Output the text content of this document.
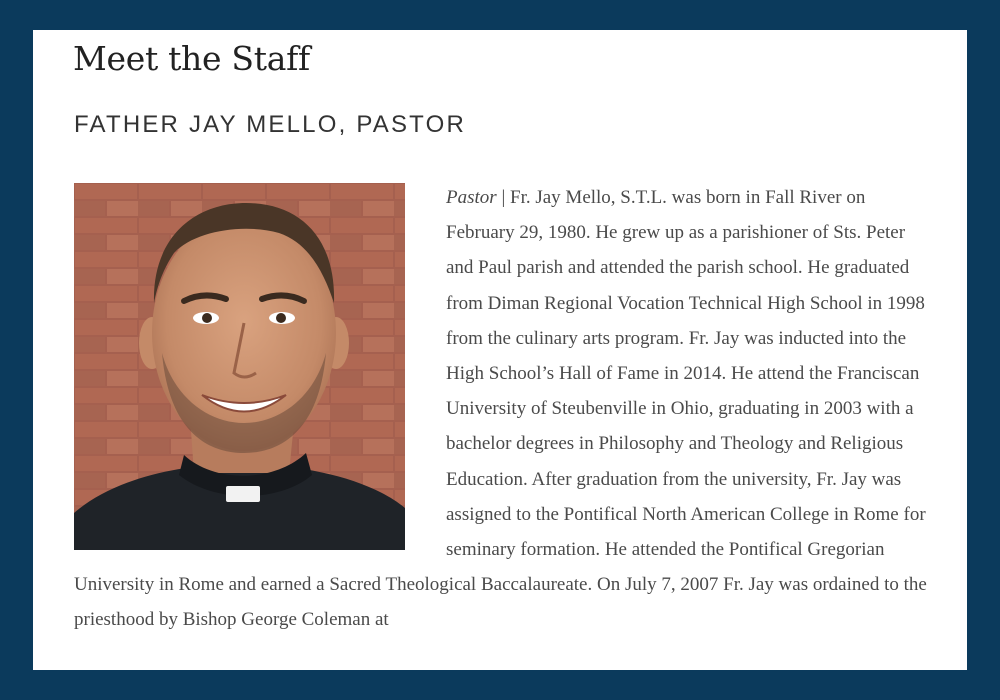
Meet the Staff
FATHER JAY MELLO, PASTOR
Pastor | Fr. Jay Mello, S.T.L. was born in Fall River on February 29, 1980. He grew up as a parishioner of Sts. Peter and Paul parish and attended the parish school. He graduated from Diman Regional Vocation Technical High School in 1998 from the culinary arts program. Fr. Jay was inducted into the High School’s Hall of Fame in 2014. He attend the Franciscan University of Steubenville in Ohio, graduating in 2003 with a bachelor degrees in Philosophy and Theology and Religious Education. After graduation from the university, Fr. Jay was assigned to the Pontifical North American College in Rome for seminary formation. He attended the Pontifical Gregorian University in Rome and earned a Sacred Theological Baccalaureate. On July 7, 2007 Fr. Jay was ordained to the priesthood by Bishop George Coleman at
